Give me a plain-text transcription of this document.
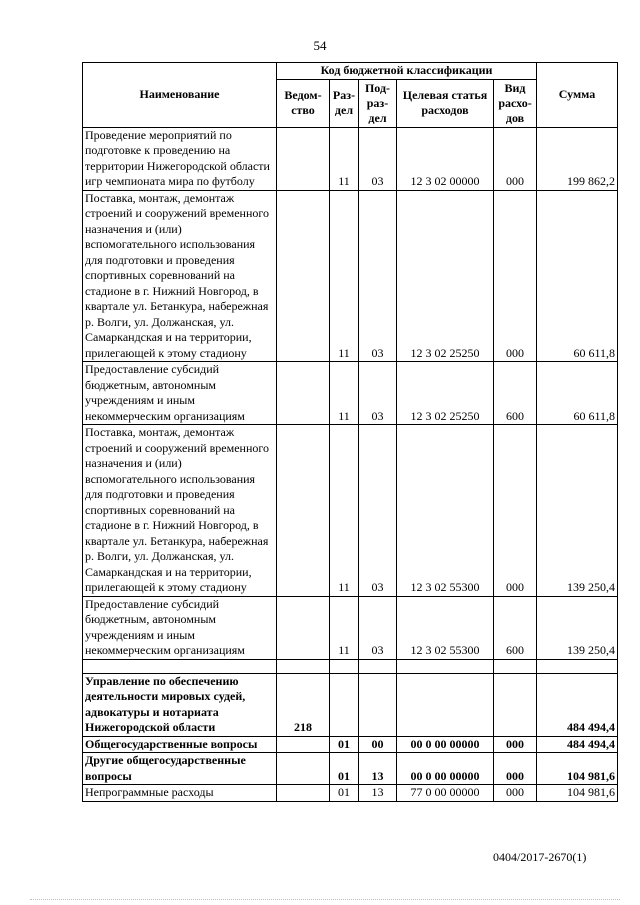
54
Наименование	Код бюджетной классификации					Сумма
	Ведом-ство	Раз-дел	Под-раз-дел	Целевая статья расходов	Вид расхо-дов	
Проведение мероприятий по подготовке к проведению на территории Нижегородской области игр чемпионата мира по футболу		11	03	12 3 02 00000	000	199 862,2
Поставка, монтаж, демонтаж строений и сооружений временного назначения и (или) вспомогательного использования для подготовки и проведения спортивных соревнований на стадионе в г. Нижний Новгород, в квартале ул. Бетанкура, набережная р. Волги, ул. Должанская, ул. Самаркандская и на территории, прилегающей к этому стадиону		11	03	12 3 02 25250	000	60 611,8
Предоставление субсидий бюджетным, автономным учреждениям и иным некоммерческим организациям		11	03	12 3 02 25250	600	60 611,8
Поставка, монтаж, демонтаж строений и сооружений временного назначения и (или) вспомогательного использования для подготовки и проведения спортивных соревнований на стадионе в г. Нижний Новгород, в квартале ул. Бетанкура, набережная р. Волги, ул. Должанская, ул. Самаркандская и на территории, прилегающей к этому стадиону		11	03	12 3 02 55300	000	139 250,4
Предоставление субсидий бюджетным, автономным учреждениям и иным некоммерческим организациям		11	03	12 3 02 55300	600	139 250,4

Управление по обеспечению деятельности мировых судей, адвокатуры и нотариата Нижегородской области	218					484 494,4
Общегосударственные вопросы		01	00	00 0 00 00000	000	484 494,4
Другие общегосударственные вопросы		01	13	00 0 00 00000	000	104 981,6
Непрограммные расходы		01	13	77 0 00 00000	000	104 981,6
0404/2017-2670(1)
